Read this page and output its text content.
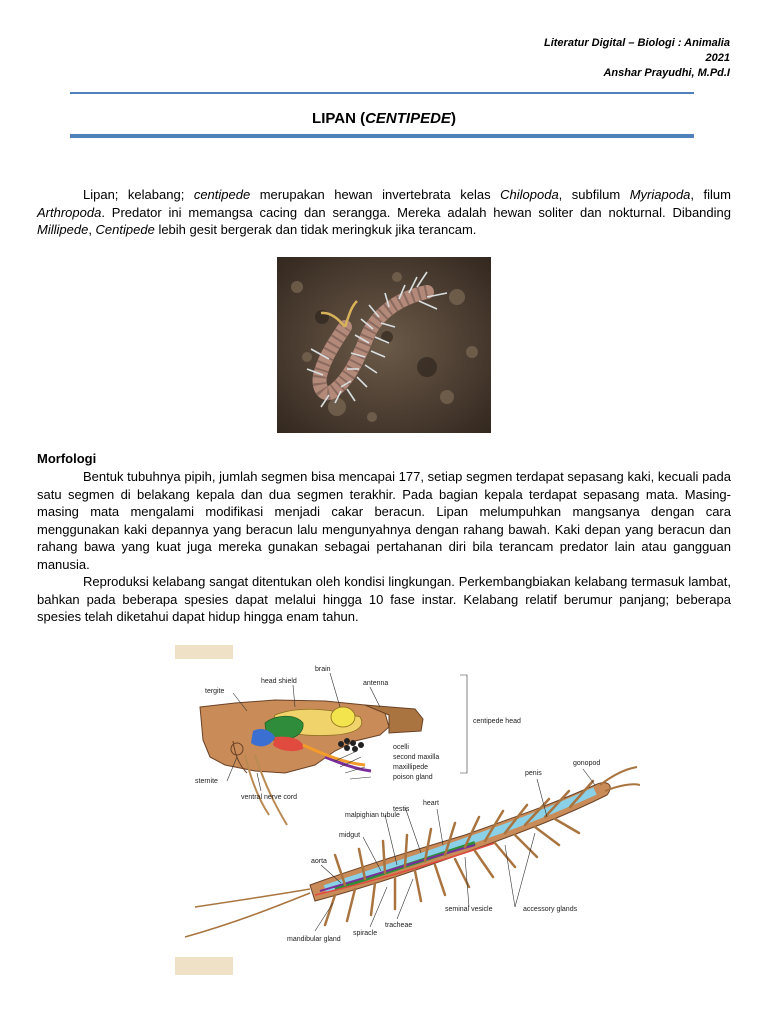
Literatur Digital – Biologi : Animalia
2021
Anshar Prayudhi, M.Pd.I
LIPAN (CENTIPEDE)
Lipan; kelabang; centipede merupakan hewan invertebrata kelas Chilopoda, subfilum Myriapoda, filum Arthropoda. Predator ini memangsa cacing dan serangga. Mereka adalah hewan soliter dan nokturnal. Dibanding Millipede, Centipede lebih gesit bergerak dan tidak meringkuk jika terancam.
Morfologi
Bentuk tubuhnya pipih, jumlah segmen bisa mencapai 177, setiap segmen terdapat sepasang kaki, kecuali pada satu segmen di belakang kepala dan dua segmen terakhir. Pada bagian kepala terdapat sepasang mata. Masing-masing mata mengalami modifikasi menjadi cakar beracun. Lipan melumpuhkan mangsanya dengan cara menggunakan kaki depannya yang beracun lalu mengunyahnya dengan rahang bawah. Kaki depan yang beracun dan rahang bawa yang kuat juga mereka gunakan sebagai pertahanan diri bila terancam predator lain atau gangguan manusia.
Reproduksi kelabang sangat ditentukan oleh kondisi lingkungan. Perkembangbiakan kelabang termasuk lambat, bahkan pada beberapa spesies dapat melalui hingga 10 fase instar. Kelabang relatif berumur panjang; beberapa spesies telah diketahui dapat hidup hingga enam tahun.
head shield
brain
antenna
tergite
centipede head
ocelli
second maxilla
maxillipede
poison gland
sternite
ventral nerve cord
penis
gonopod
heart
testis
malpighian tubule
midgut
aorta
accessory glands
seminal vesicle
tracheae
spiracle
mandibular gland
